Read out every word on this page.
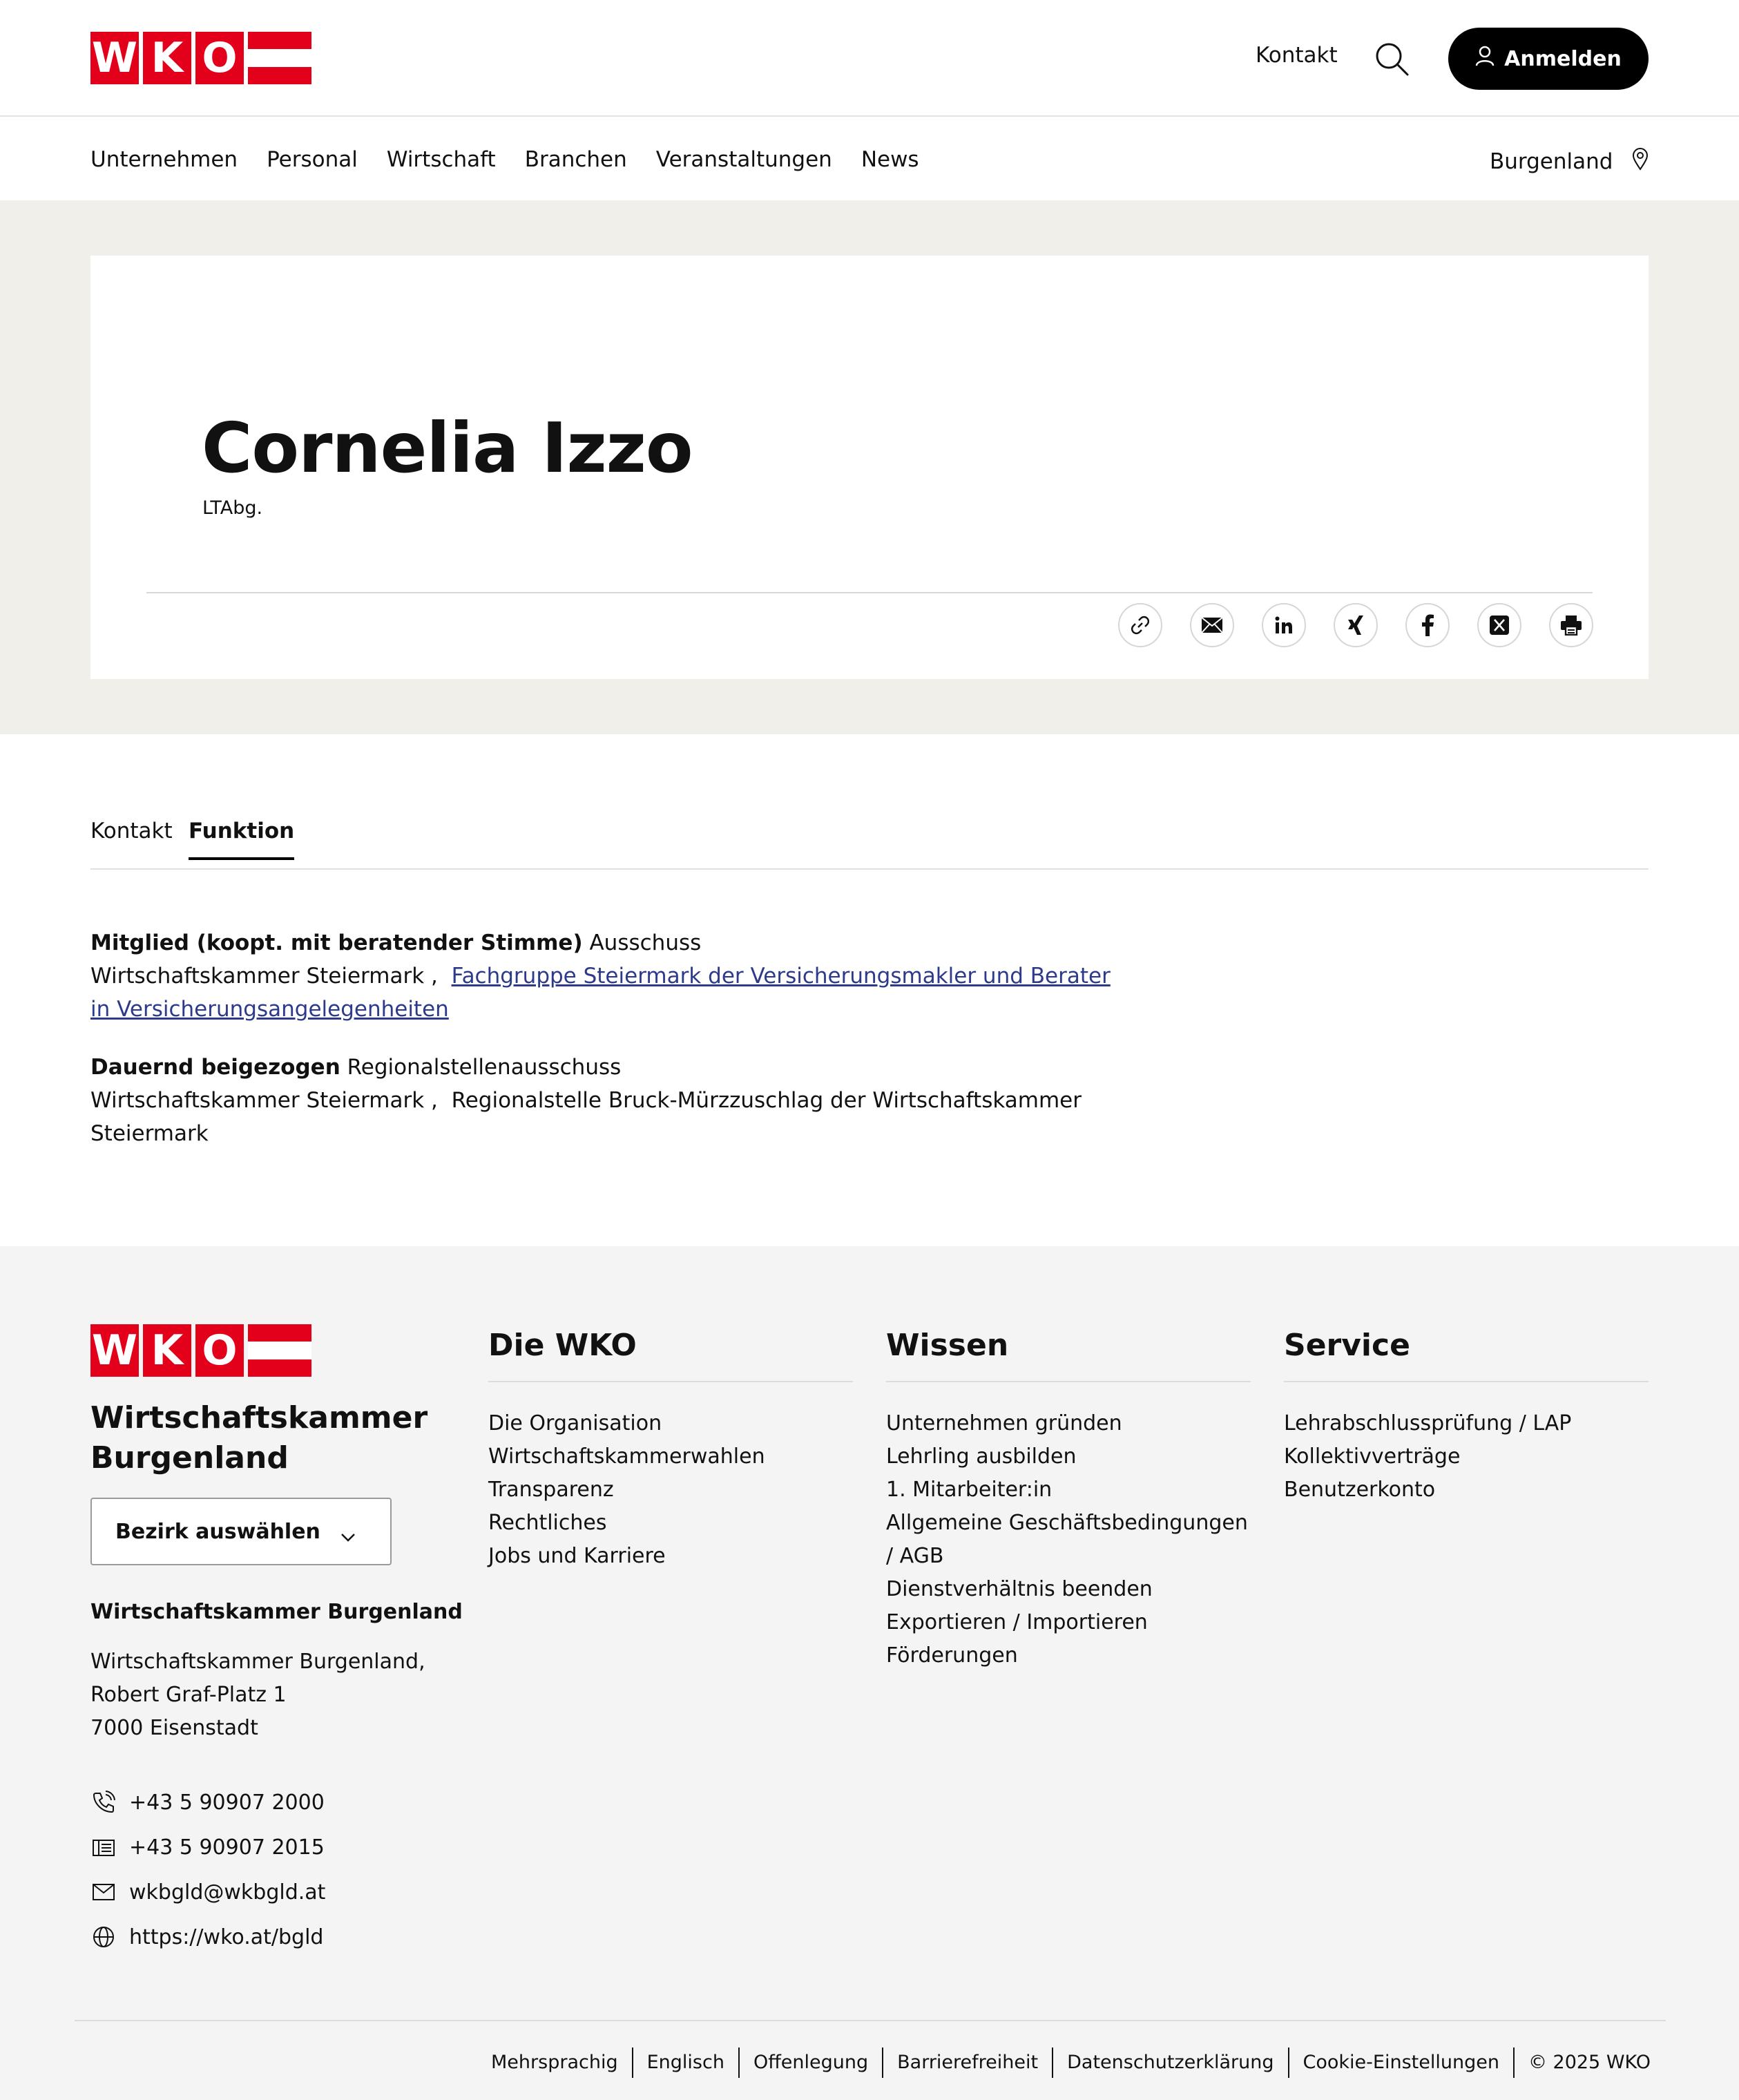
W K O	Kontakt	Anmelden
Unternehmen Personal Wirtschaft Branchen Veranstaltungen News	Burgenland
Cornelia Izzo
LTAbg.
Kontakt Funktion
Mitglied (koopt. mit beratender Stimme) Ausschuss
Wirtschaftskammer Steiermark , Fachgruppe Steiermark der Versicherungsmakler und Berater in Versicherungsangelegenheiten
Dauernd beigezogen Regionalstellenausschuss
Wirtschaftskammer Steiermark , Regionalstelle Bruck-Mürzzuschlag der Wirtschaftskammer Steiermark
W K O
Wirtschaftskammer Burgenland
Bezirk auswählen
Wirtschaftskammer Burgenland
Wirtschaftskammer Burgenland,
Robert Graf-Platz 1
7000 Eisenstadt
+43 5 90907 2000
+43 5 90907 2015
wkbgld@wkbgld.at
https://wko.at/bgld
Die WKO
Die Organisation
Wirtschaftskammerwahlen
Transparenz
Rechtliches
Jobs und Karriere
Wissen
Unternehmen gründen
Lehrling ausbilden
1. Mitarbeiter:in
Allgemeine Geschäftsbedingungen / AGB
Dienstverhältnis beenden
Exportieren / Importieren
Förderungen
Service
Lehrabschlussprüfung / LAP
Kollektivverträge
Benutzerkonto
Mehrsprachig	Englisch	Offenlegung	Barrierefreiheit	Datenschutzerklärung	Cookie-Einstellungen	© 2025 WKO
